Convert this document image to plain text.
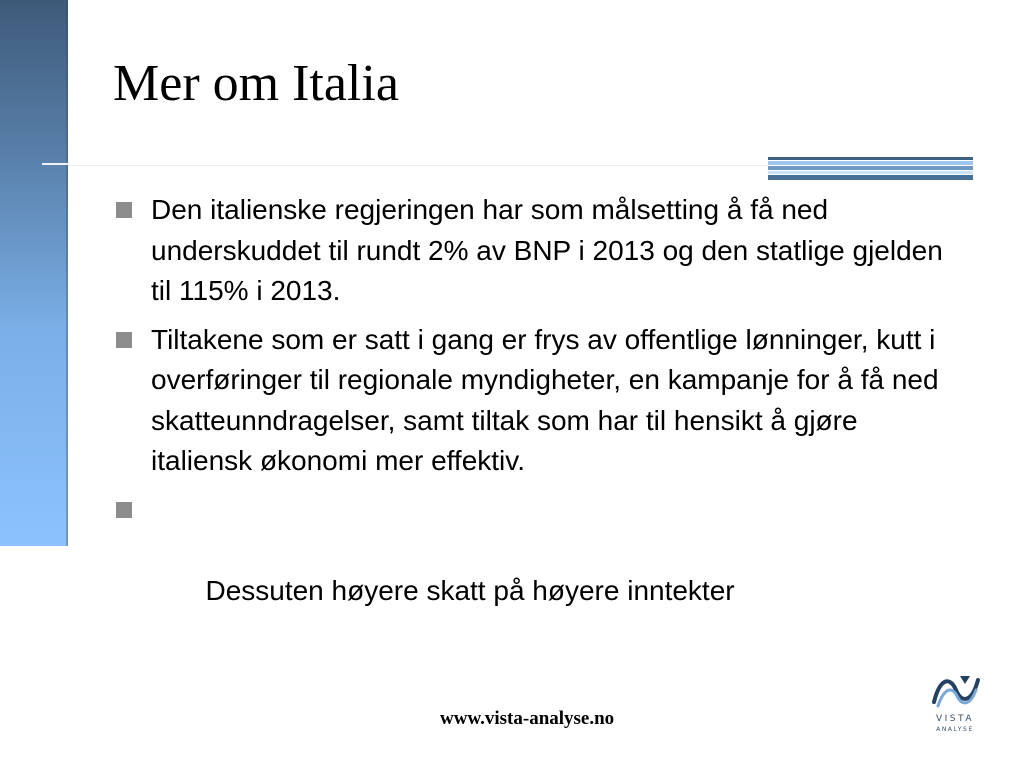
Mer om Italia
Den italienske regjeringen har som målsetting å få ned underskuddet til rundt 2% av BNP i 2013 og den statlige gjelden til 115% i 2013.
Tiltakene som er satt i gang er frys av offentlige lønninger, kutt i overføringer til regionale myndigheter, en kampanje for å få ned skatteunndragelser, samt tiltak som har til hensikt å gjøre italiensk økonomi mer effektiv.

Dessuten høyere skatt på høyere inntekter

www.vista-analyse.no	VISTA
ANALYSE
